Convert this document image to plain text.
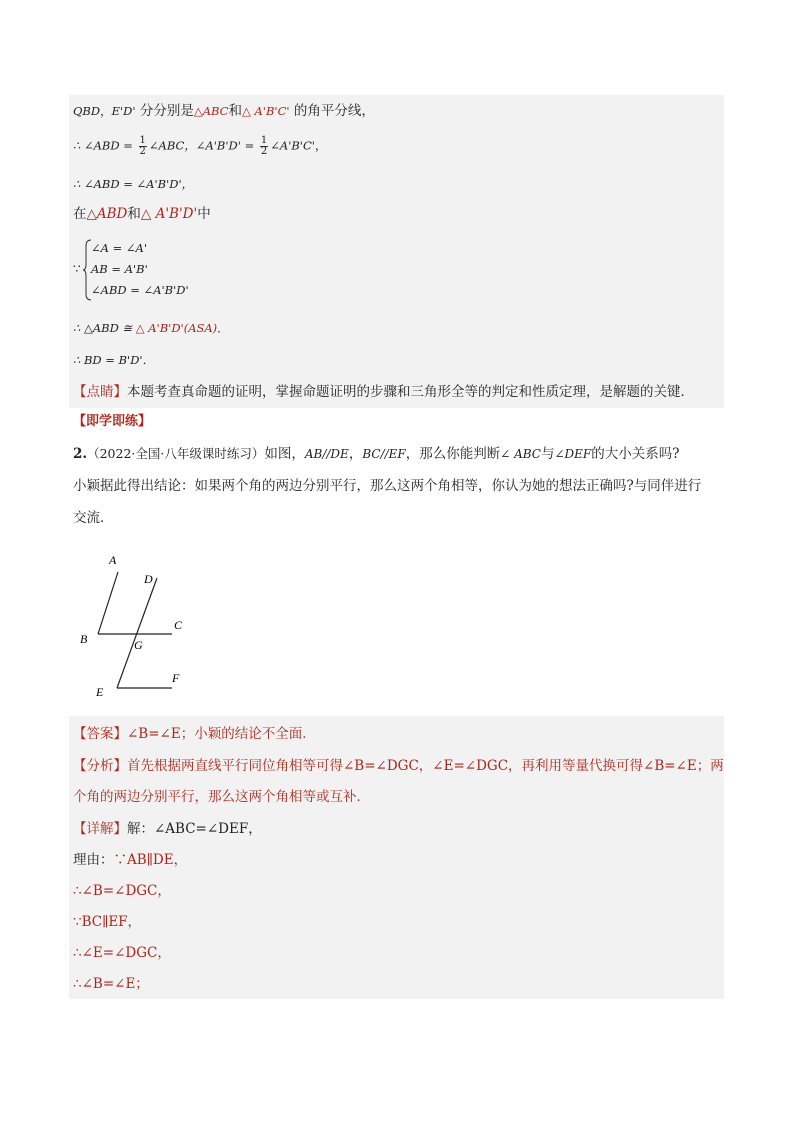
QBD，E'D' 分分别是△ABC和△ A'B'C' 的角平分线，
∴ ∠ABD = $\frac{1}{2}$ ∠ABC，∠A'B'D' = $\frac{1}{2}$ ∠A'B'C'，
∴ ∠ABD = ∠A'B'D'，
在△ABD和△ A'B'D'中
∵
∠A = ∠A'
AB = A'B'
∠ABD = ∠A'B'D'
∴ △ABD ≅ △ A'B'D'(ASA)．
∴ BD = B'D'．
【点睛】本题考查真命题的证明，掌握命题证明的步骤和三角形全等的判定和性质定理，是解题的关键．
【即学即练】
2.（2022·全国·八年级课时练习）如图，AB//DE，BC//EF，那么你能判断∠ ABC与∠DEF的大小关系吗?
小颖据此得出结论：如果两个角的两边分别平行，那么这两个角相等，你认为她的想法正确吗?与同伴进行
交流．
A
D
B
C
G
E
F
【答案】∠B=∠E；小颖的结论不全面．
【分析】首先根据两直线平行同位角相等可得∠B=∠DGC，∠E=∠DGC，再利用等量代换可得∠B=∠E；两
个角的两边分别平行，那么这两个角相等或互补．
【详解】解：∠ABC=∠DEF，
理由：∵AB∥DE，
∴∠B=∠DGC，
∵BC∥EF，
∴∠E=∠DGC，
∴∠B=∠E；
